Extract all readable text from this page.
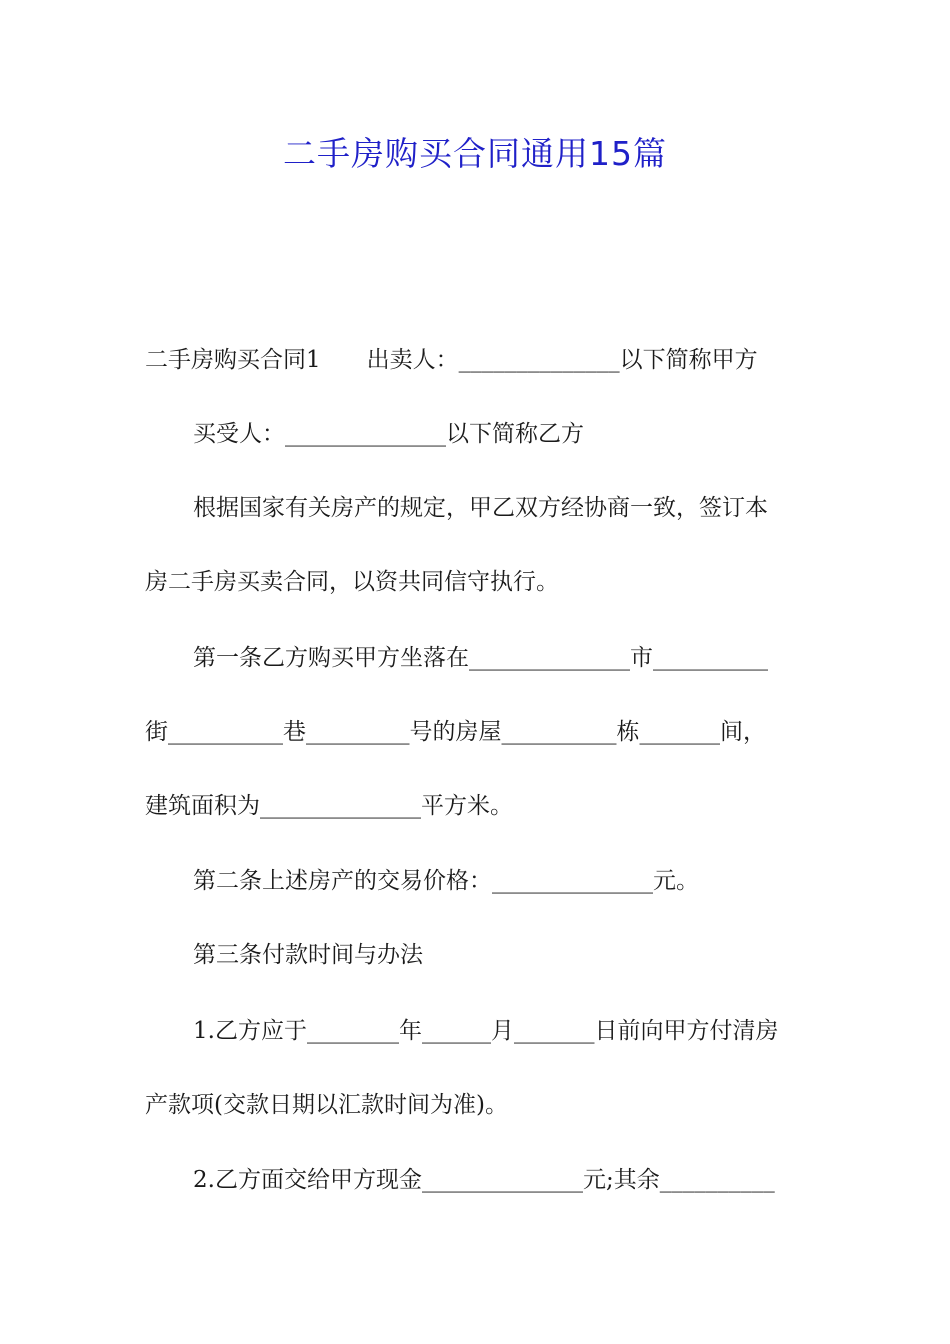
二手房购买合同通用15篇
二手房购买合同1　　出卖人：______________以下简称甲方
买受人：______________以下简称乙方
根据国家有关房产的规定，甲乙双方经协商一致，签订本
房二手房买卖合同，以资共同信守执行。
第一条乙方购买甲方坐落在______________市__________
街__________巷_________号的房屋__________栋_______间，
建筑面积为______________平方米。
第二条上述房产的交易价格：______________元。
第三条付款时间与办法
1.乙方应于________年______月_______日前向甲方付清房
产款项(交款日期以汇款时间为准)。
2.乙方面交给甲方现金______________元;其余__________
